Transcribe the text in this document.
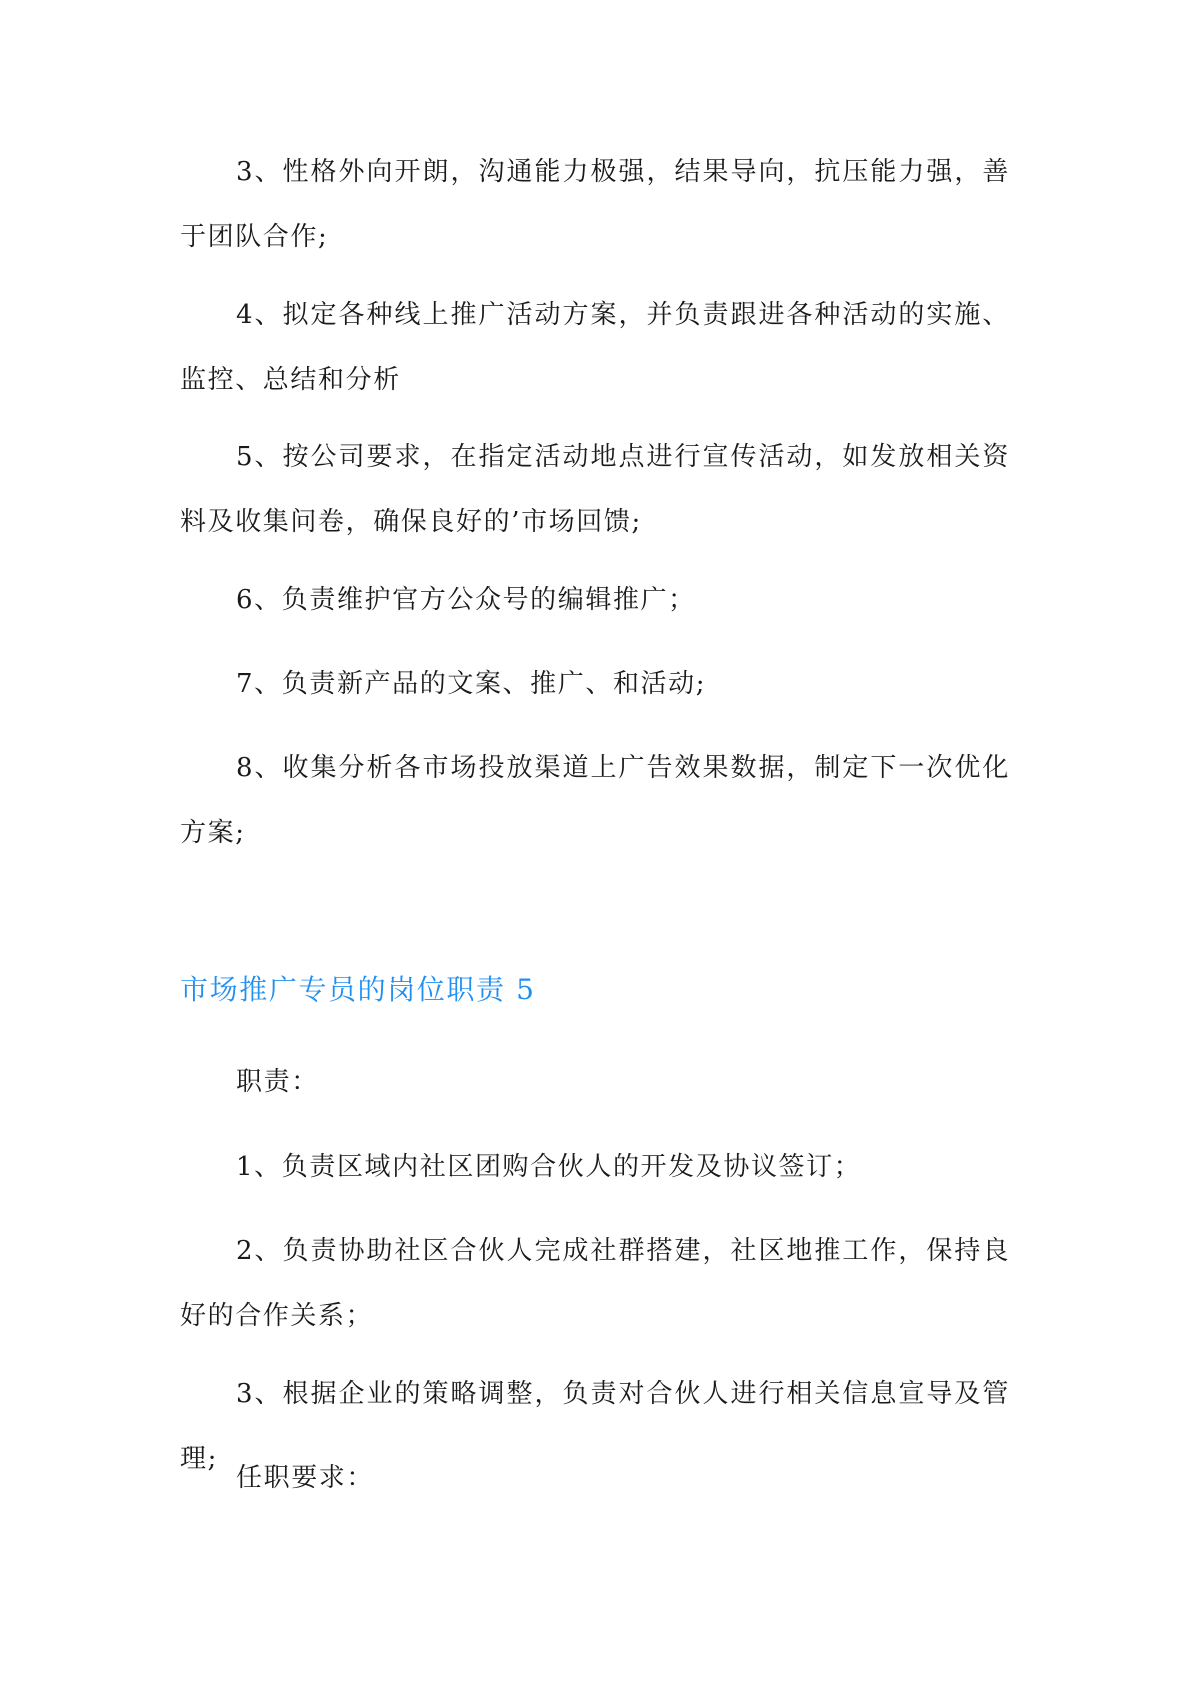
3、性格外向开朗，沟通能力极强，结果导向，抗压能力强，善于团队合作;

4、拟定各种线上推广活动方案，并负责跟进各种活动的实施、监控、总结和分析

5、按公司要求，在指定活动地点进行宣传活动，如发放相关资料及收集问卷，确保良好的’市场回馈;

6、负责维护官方公众号的编辑推广；

7、负责新产品的文案、推广、和活动;

8、收集分析各市场投放渠道上广告效果数据，制定下一次优化方案;

市场推广专员的岗位职责 5

职责：

1、负责区域内社区团购合伙人的开发及协议签订；

2、负责协助社区合伙人完成社群搭建，社区地推工作，保持良好的合作关系；

3、根据企业的策略调整，负责对合伙人进行相关信息宣导及管理;

任职要求：
